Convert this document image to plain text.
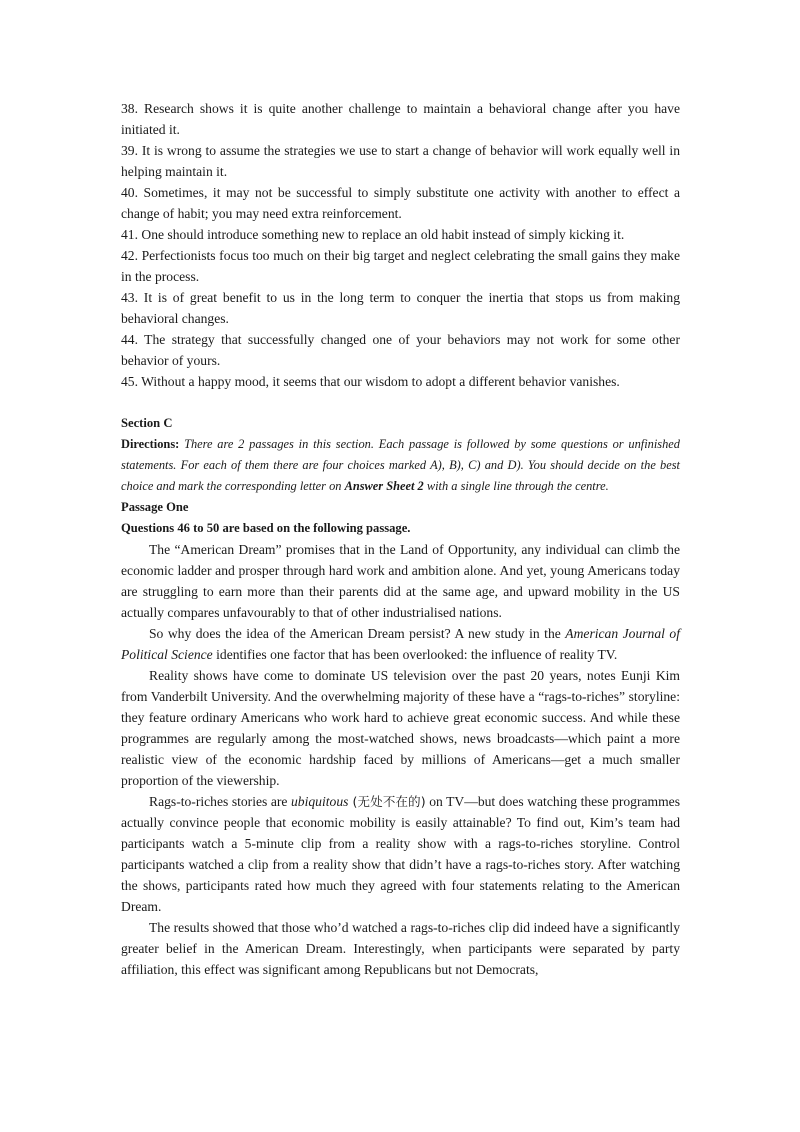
38. Research shows it is quite another challenge to maintain a behavioral change after you have initiated it.

39. It is wrong to assume the strategies we use to start a change of behavior will work equally well in helping maintain it.

40. Sometimes, it may not be successful to simply substitute one activity with another to effect a change of habit; you may need extra reinforcement.

41. One should introduce something new to replace an old habit instead of simply kicking it.

42. Perfectionists focus too much on their big target and neglect celebrating the small gains they make in the process.

43. It is of great benefit to us in the long term to conquer the inertia that stops us from making behavioral changes.

44. The strategy that successfully changed one of your behaviors may not work for some other behavior of yours.

45. Without a happy mood, it seems that our wisdom to adopt a different behavior vanishes.

Section C

Directions: There are 2 passages in this section. Each passage is followed by some questions or unfinished statements. For each of them there are four choices marked A), B), C) and D). You should decide on the best choice and mark the corresponding letter on Answer Sheet 2 with a single line through the centre.

Passage One

Questions 46 to 50 are based on the following passage.

The “American Dream” promises that in the Land of Opportunity, any individual can climb the economic ladder and prosper through hard work and ambition alone. And yet, young Americans today are struggling to earn more than their parents did at the same age, and upward mobility in the US actually compares unfavourably to that of other industrialised nations.

So why does the idea of the American Dream persist? A new study in the American Journal of Political Science identifies one factor that has been overlooked: the influence of reality TV.

Reality shows have come to dominate US television over the past 20 years, notes Eunji Kim from Vanderbilt University. And the overwhelming majority of these have a “rags-to-riches” storyline: they feature ordinary Americans who work hard to achieve great economic success. And while these programmes are regularly among the most-watched shows, news broadcasts—which paint a more realistic view of the economic hardship faced by millions of Americans—get a much smaller proportion of the viewership.

Rags-to-riches stories are ubiquitous (无处不在的) on TV—but does watching these programmes actually convince people that economic mobility is easily attainable? To find out, Kim’s team had participants watch a 5-minute clip from a reality show with a rags-to-riches storyline. Control participants watched a clip from a reality show that didn’t have a rags-to-riches story. After watching the shows, participants rated how much they agreed with four statements relating to the American Dream.

The results showed that those who’d watched a rags-to-riches clip did indeed have a significantly greater belief in the American Dream. Interestingly, when participants were separated by party affiliation, this effect was significant among Republicans but not Democrats,
